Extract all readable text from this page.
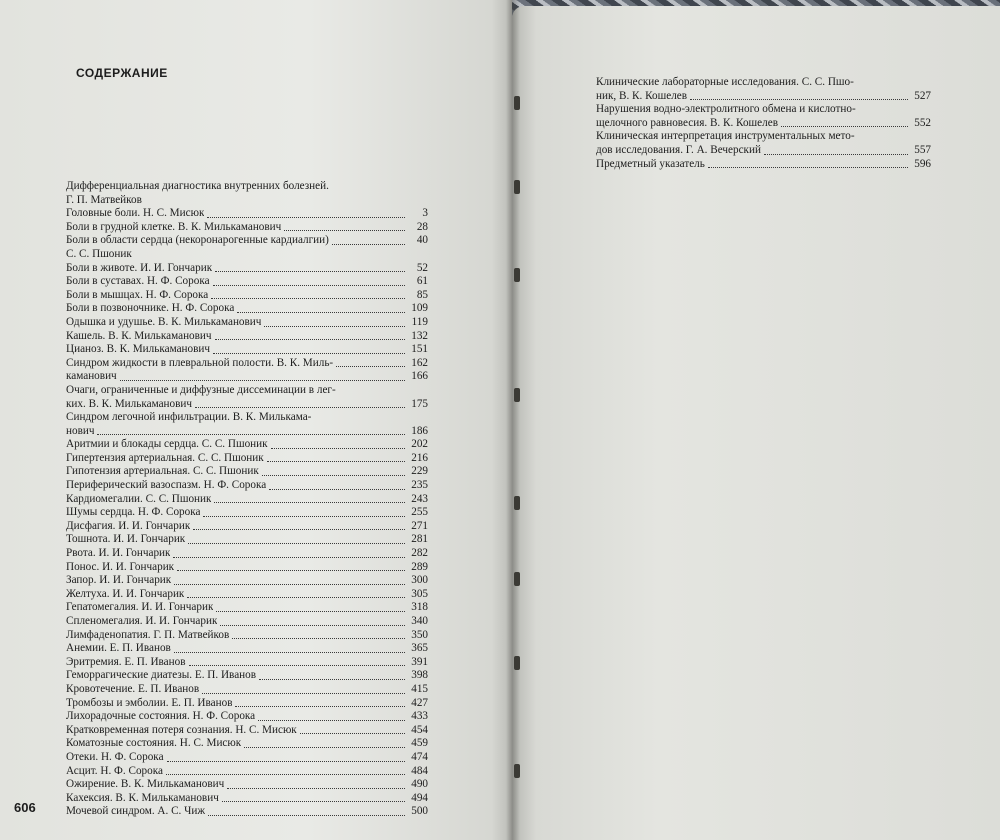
СОДЕРЖАНИЕ
Дифференциальная диагностика внутренних болезней.
Г. П. Матвейков
Головные боли. Н. С. Мисюк	3
Боли в грудной клетке. В. К. Милькаманович	28
Боли в области сердца (некоронарогенные кардиалгии)	40
С. С. Пшоник
Боли в животе. И. И. Гончарик	52
Боли в суставах. Н. Ф. Сорока	61
Боли в мышцах. Н. Ф. Сорока	85
Боли в позвоночнике. Н. Ф. Сорока	109
Одышка и удушье. В. К. Милькаманович	119
Кашель. В. К. Милькаманович	132
Цианоз. В. К. Милькаманович	151
Синдром жидкости в плевральной полости. В. К. Миль-	162
каманович	166
Очаги, ограниченные и диффузные диссеминации в лег-
ких. В. К. Милькаманович	175
Синдром легочной инфильтрации. В. К. Милькама-
нович	186
Аритмии и блокады сердца. С. С. Пшоник	202
Гипертензия артериальная. С. С. Пшоник	216
Гипотензия артериальная. С. С. Пшоник	229
Периферический вазоспазм. Н. Ф. Сорока	235
Кардиомегалии. С. С. Пшоник	243
Шумы сердца. Н. Ф. Сорока	255
Дисфагия. И. И. Гончарик	271
Тошнота. И. И. Гончарик	281
Рвота. И. И. Гончарик	282
Понос. И. И. Гончарик	289
Запор. И. И. Гончарик	300
Желтуха. И. И. Гончарик	305
Гепатомегалия. И. И. Гончарик	318
Спленомегалия. И. И. Гончарик	340
Лимфаденопатия. Г. П. Матвейков	350
Анемии. Е. П. Иванов	365
Эритремия. Е. П. Иванов	391
Геморрагические диатезы. Е. П. Иванов	398
Кровотечение. Е. П. Иванов	415
Тромбозы и эмболии. Е. П. Иванов	427
Лихорадочные состояния. Н. Ф. Сорока	433
Кратковременная потеря сознания. Н. С. Мисюк	454
Коматозные состояния. Н. С. Мисюк	459
Отеки. Н. Ф. Сорока	474
Асцит. Н. Ф. Сорока	484
Ожирение. В. К. Милькаманович	490
Кахексия. В. К. Милькаманович	494
Мочевой синдром. А. С. Чиж	500
Клинические лабораторные исследования. С. С. Пшо-
ник, В. К. Кошелев	527
Нарушения водно-электролитного обмена и кислотно-
щелочного равновесия. В. К. Кошелев	552
Клиническая интерпретация инструментальных мето-
дов исследования. Г. А. Вечерский	557
Предметный указатель	596
606
